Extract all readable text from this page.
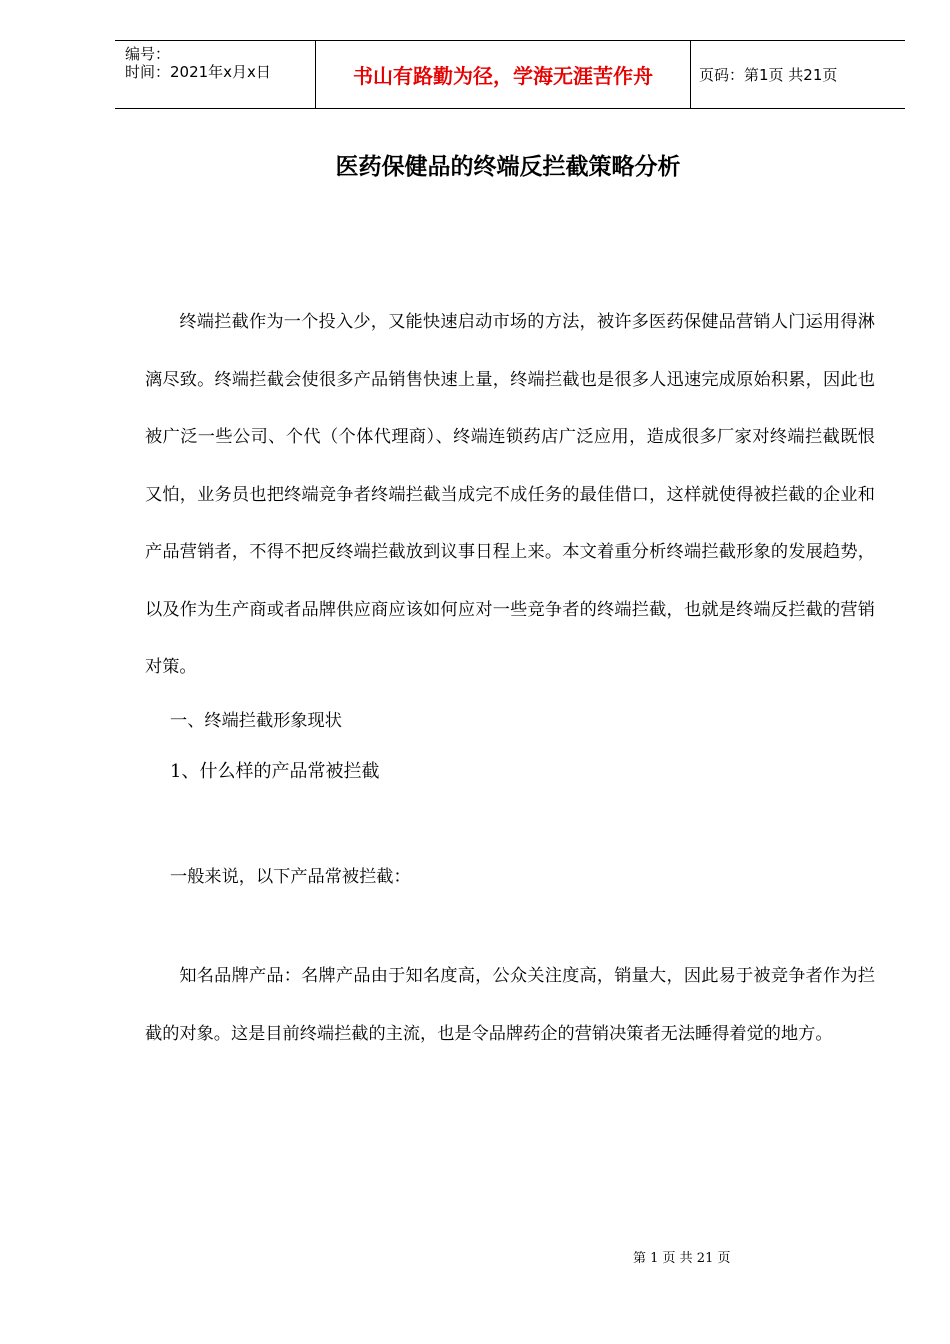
编号：
时间：2021年x月x日	书山有路勤为径，学海无涯苦作舟	页码：第1页 共21页
医药保健品的终端反拦截策略分析
终端拦截作为一个投入少，又能快速启动市场的方法，被许多医药保健品营销人门运用得淋漓尽致。终端拦截会使很多产品销售快速上量，终端拦截也是很多人迅速完成原始积累，因此也被广泛一些公司、个代（个体代理商）、终端连锁药店广泛应用，造成很多厂家对终端拦截既恨又怕，业务员也把终端竞争者终端拦截当成完不成任务的最佳借口，这样就使得被拦截的企业和产品营销者，不得不把反终端拦截放到议事日程上来。本文着重分析终端拦截形象的发展趋势，以及作为生产商或者品牌供应商应该如何应对一些竞争者的终端拦截，也就是终端反拦截的营销对策。
一、终端拦截形象现状
1、什么样的产品常被拦截
一般来说，以下产品常被拦截：
知名品牌产品：名牌产品由于知名度高，公众关注度高，销量大，因此易于被竞争者作为拦截的对象。这是目前终端拦截的主流，也是令品牌药企的营销决策者无法睡得着觉的地方。
第 1 页 共 21 页
